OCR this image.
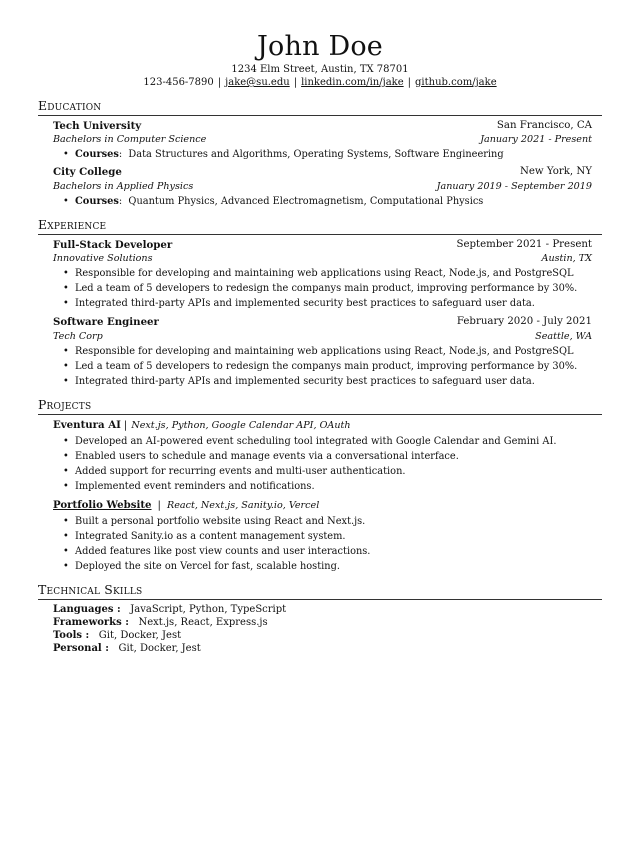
John Doe
1234 Elm Street, Austin, TX 78701
123-456-7890 | jake@su.edu | linkedin.com/in/jake | github.com/jake
Education
Tech University	San Francisco, CA
Bachelors in Computer Science	January 2021 - Present
• Courses:  Data Structures and Algorithms, Operating Systems, Software Engineering
City College	New York, NY
Bachelors in Applied Physics	January 2019 - September 2019
• Courses:  Quantum Physics, Advanced Electromagnetism, Computational Physics
Experience
Full-Stack Developer	September 2021 - Present
Innovative Solutions	Austin, TX
• Responsible for developing and maintaining web applications using React, Node.js, and PostgreSQL
• Led a team of 5 developers to redesign the companys main product, improving performance by 30%.
• Integrated third-party APIs and implemented security best practices to safeguard user data.
Software Engineer	February 2020 - July 2021
Tech Corp	Seattle, WA
• Responsible for developing and maintaining web applications using React, Node.js, and PostgreSQL
• Led a team of 5 developers to redesign the companys main product, improving performance by 30%.
• Integrated third-party APIs and implemented security best practices to safeguard user data.
Projects
Eventura AI | Next.js, Python, Google Calendar API, OAuth
• Developed an AI-powered event scheduling tool integrated with Google Calendar and Gemini AI.
• Enabled users to schedule and manage events via a conversational interface.
• Added support for recurring events and multi-user authentication.
• Implemented event reminders and notifications.
Portfolio Website | React, Next.js, Sanity.io, Vercel
• Built a personal portfolio website using React and Next.js.
• Integrated Sanity.io as a content management system.
• Added features like post view counts and user interactions.
• Deployed the site on Vercel for fast, scalable hosting.
Technical Skills
Languages : JavaScript, Python, TypeScript
Frameworks : Next.js, React, Express.js
Tools : Git, Docker, Jest
Personal : Git, Docker, Jest
